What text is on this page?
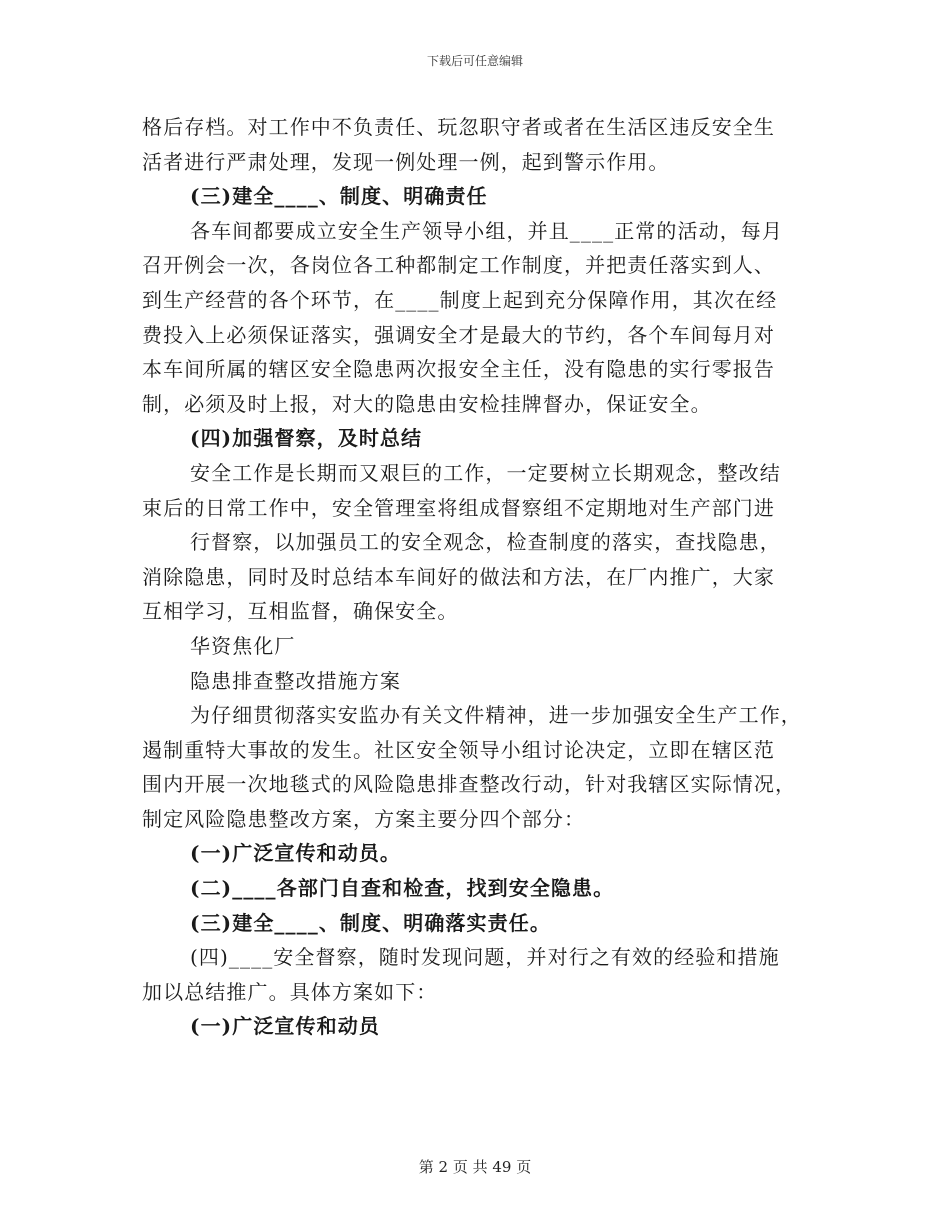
下载后可任意编辑
格后存档。对工作中不负责任、玩忽职守者或者在生活区违反安全生
活者进行严肃处理，发现一例处理一例，起到警示作用。
(三)建全____、制度、明确责任
各车间都要成立安全生产领导小组，并且____正常的活动，每月
召开例会一次，各岗位各工种都制定工作制度，并把责任落实到人、
到生产经营的各个环节，在____制度上起到充分保障作用，其次在经
费投入上必须保证落实，强调安全才是最大的节约，各个车间每月对
本车间所属的辖区安全隐患两次报安全主任，没有隐患的实行零报告
制，必须及时上报，对大的隐患由安检挂牌督办，保证安全。
(四)加强督察，及时总结
安全工作是长期而又艰巨的工作，一定要树立长期观念，整改结
束后的日常工作中，安全管理室将组成督察组不定期地对生产部门进
行督察，以加强员工的安全观念，检查制度的落实，查找隐患，
消除隐患，同时及时总结本车间好的做法和方法，在厂内推广，大家
互相学习，互相监督，确保安全。
华资焦化厂
隐患排查整改措施方案
为仔细贯彻落实安监办有关文件精神，进一步加强安全生产工作，
遏制重特大事故的发生。社区安全领导小组讨论决定，立即在辖区范
围内开展一次地毯式的风险隐患排查整改行动，针对我辖区实际情况，
制定风险隐患整改方案，方案主要分四个部分：
(一)广泛宣传和动员。
(二)____各部门自查和检查，找到安全隐患。
(三)建全____、制度、明确落实责任。
(四)____安全督察，随时发现问题，并对行之有效的经验和措施
加以总结推广。具体方案如下：
(一)广泛宣传和动员
第 2 页 共 49 页
